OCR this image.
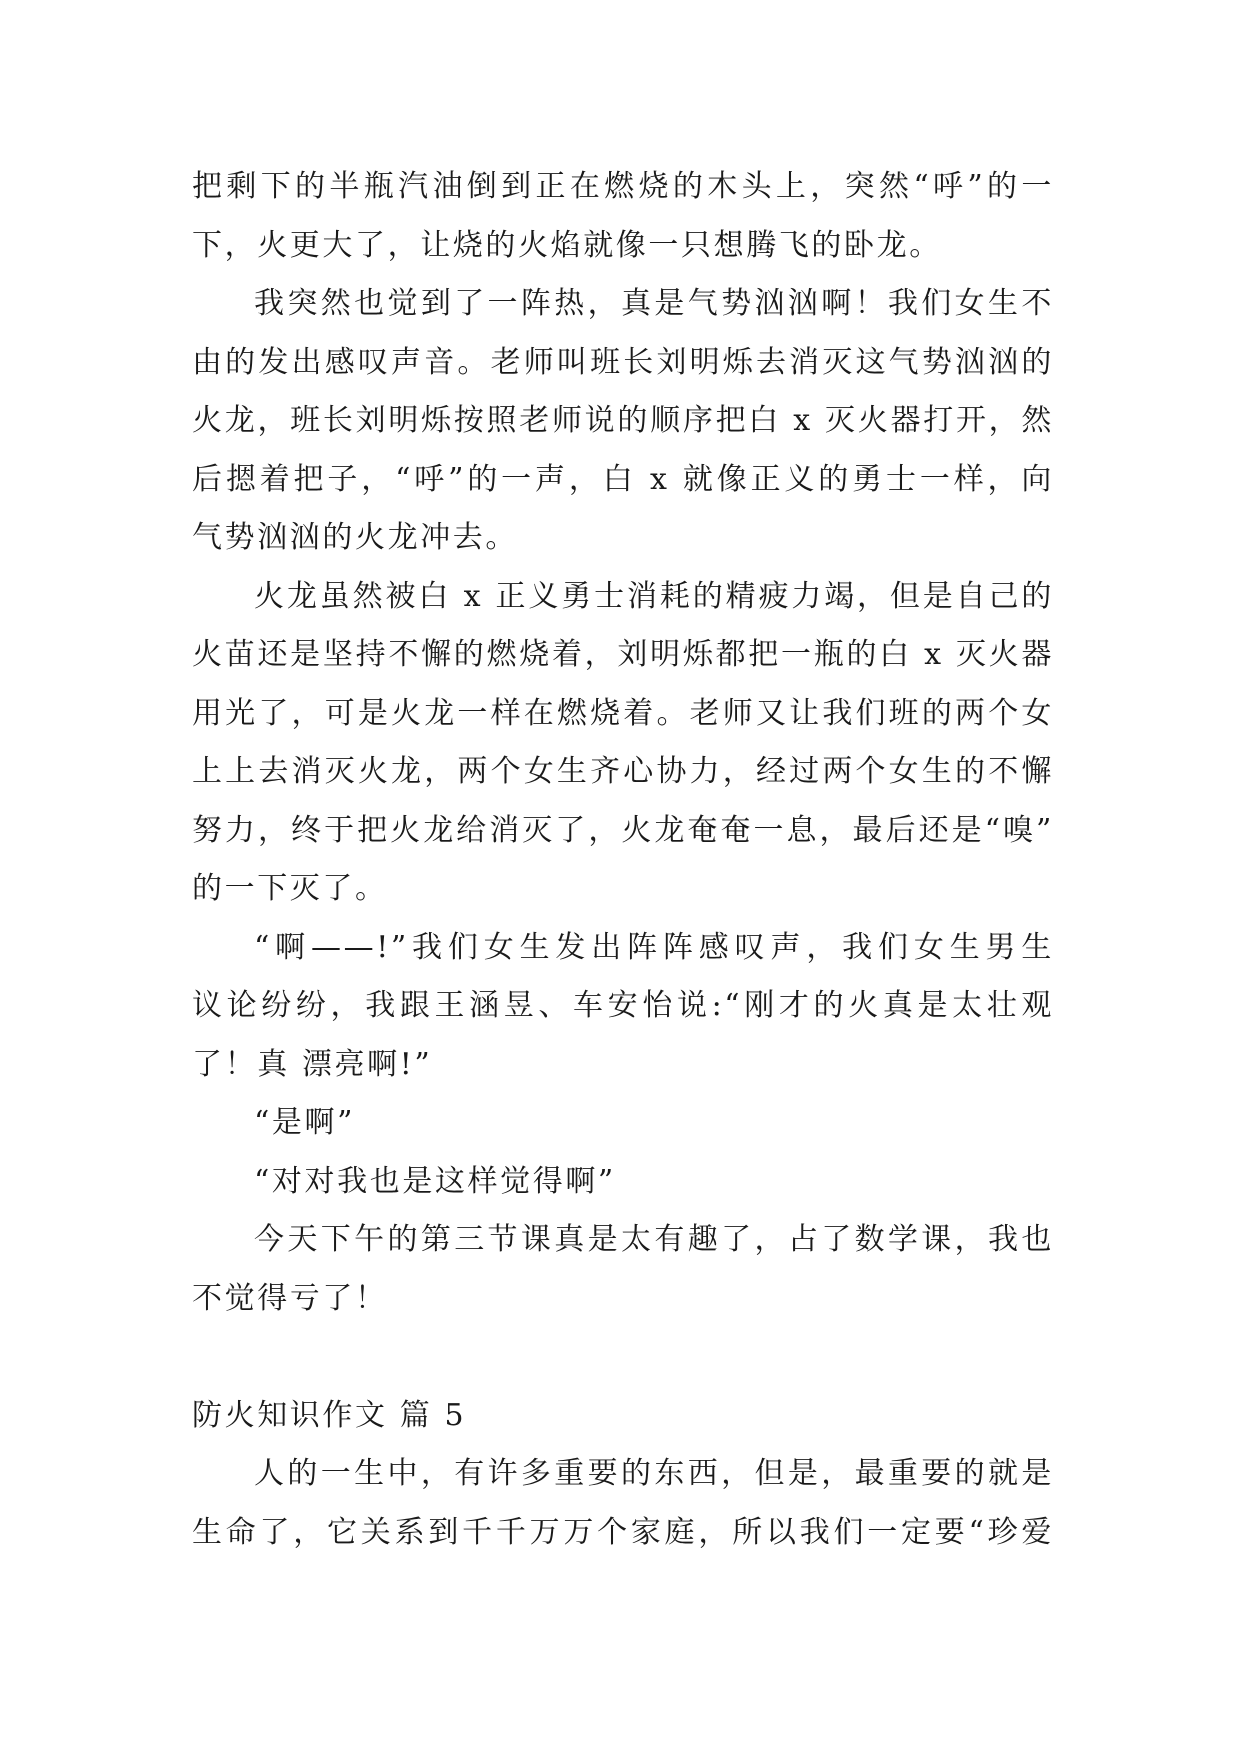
把剩下的半瓶汽油倒到正在燃烧的木头上，突然“呼”的一
下，火更大了，让烧的火焰就像一只想腾飞的卧龙。
我突然也觉到了一阵热，真是气势汹汹啊！我们女生不
由的发出感叹声音。老师叫班长刘明烁去消灭这气势汹汹的
火龙，班长刘明烁按照老师说的顺序把白 x 灭火器打开，然
后摁着把子，“呼”的一声，白 x 就像正义的勇士一样，向
气势汹汹的火龙冲去。
火龙虽然被白 x 正义勇士消耗的精疲力竭，但是自己的
火苗还是坚持不懈的燃烧着，刘明烁都把一瓶的白 x 灭火器
用光了，可是火龙一样在燃烧着。老师又让我们班的两个女
上上去消灭火龙，两个女生齐心协力，经过两个女生的不懈
努力，终于把火龙给消灭了，火龙奄奄一息，最后还是“嗅”
的一下灭了。
“啊——!”我们女生发出阵阵感叹声，我们女生男生
议论纷纷，我跟王涵昱、车安怡说:“刚才的火真是太壮观
了！真 漂亮啊!”
“是啊”
“对对我也是这样觉得啊”
今天下午的第三节课真是太有趣了，占了数学课，我也
不觉得亏了！
防火知识作文 篇 5
人的一生中，有许多重要的东西，但是，最重要的就是
生命了，它关系到千千万万个家庭，所以我们一定要“珍爱
